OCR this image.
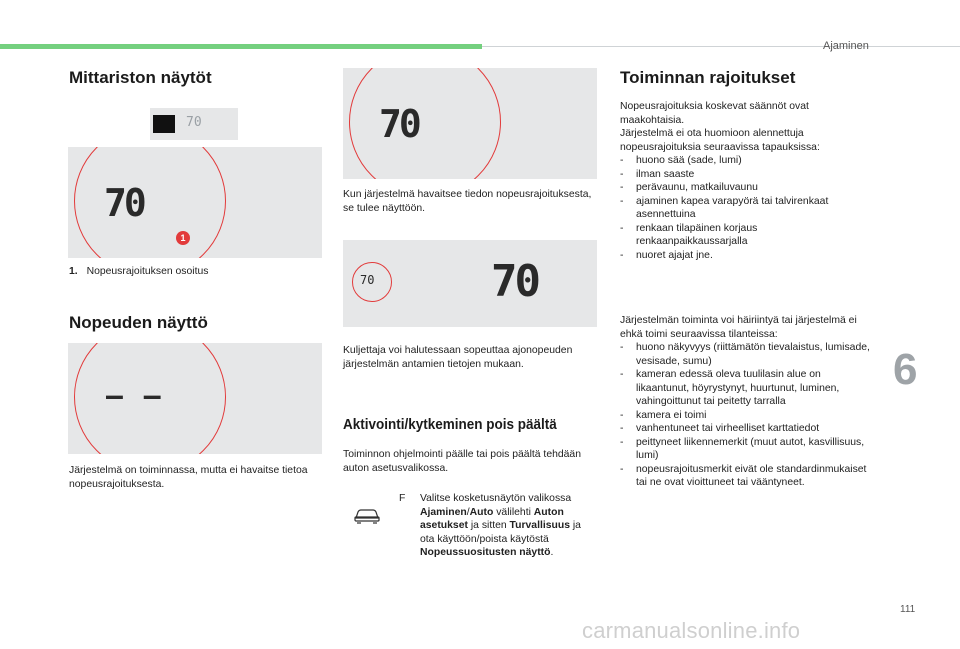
Ajaminen
Mittariston näytöt
70
70
1
1. Nopeusrajoituksen osoitus
Nopeuden näyttö
– –
Järjestelmä on toiminnassa, mutta ei havaitse tietoa nopeusrajoituksesta.
70
Kun järjestelmä havaitsee tiedon nopeusrajoituksesta, se tulee näyttöön.
70	70
Kuljettaja voi halutessaan sopeuttaa ajonopeuden järjestelmän antamien tietojen mukaan.
Aktivointi/kytkeminen pois päältä
Toiminnon ohjelmointi päälle tai pois päältä tehdään auton asetusvalikossa.
F	Valitse kosketusnäytön valikossa Ajaminen/Auto välilehti Auton asetukset ja sitten Turvallisuus ja ota käyttöön/poista käytöstä Nopeussuositusten näyttö.
Toiminnan rajoitukset
Nopeusrajoituksia koskevat säännöt ovat maakohtaisia.
Järjestelmä ei ota huomioon alennettuja nopeusrajoituksia seuraavissa tapauksissa:
- huono sää (sade, lumi)
- ilman saaste
- perävaunu, matkailuvaunu
- ajaminen kapea varapyörä tai talvirenkaat asennettuina
- renkaan tilapäinen korjaus renkaanpaikkaussarjalla
- nuoret ajajat jne.
Järjestelmän toiminta voi häiriintyä tai järjestelmä ei ehkä toimi seuraavissa tilanteissa:
- huono näkyvyys (riittämätön tievalaistus, lumisade, vesisade, sumu)
- kameran edessä oleva tuulilasin alue on likaantunut, höyrystynyt, huurtunut, luminen, vahingoittunut tai peitetty tarralla
- kamera ei toimi
- vanhentuneet tai virheelliset karttatiedot
- peittyneet liikennemerkit (muut autot, kasvillisuus, lumi)
- nopeusrajoitusmerkit eivät ole standardinmukaiset tai ne ovat vioittuneet tai vääntyneet.
6
111
carmanualsonline.info
